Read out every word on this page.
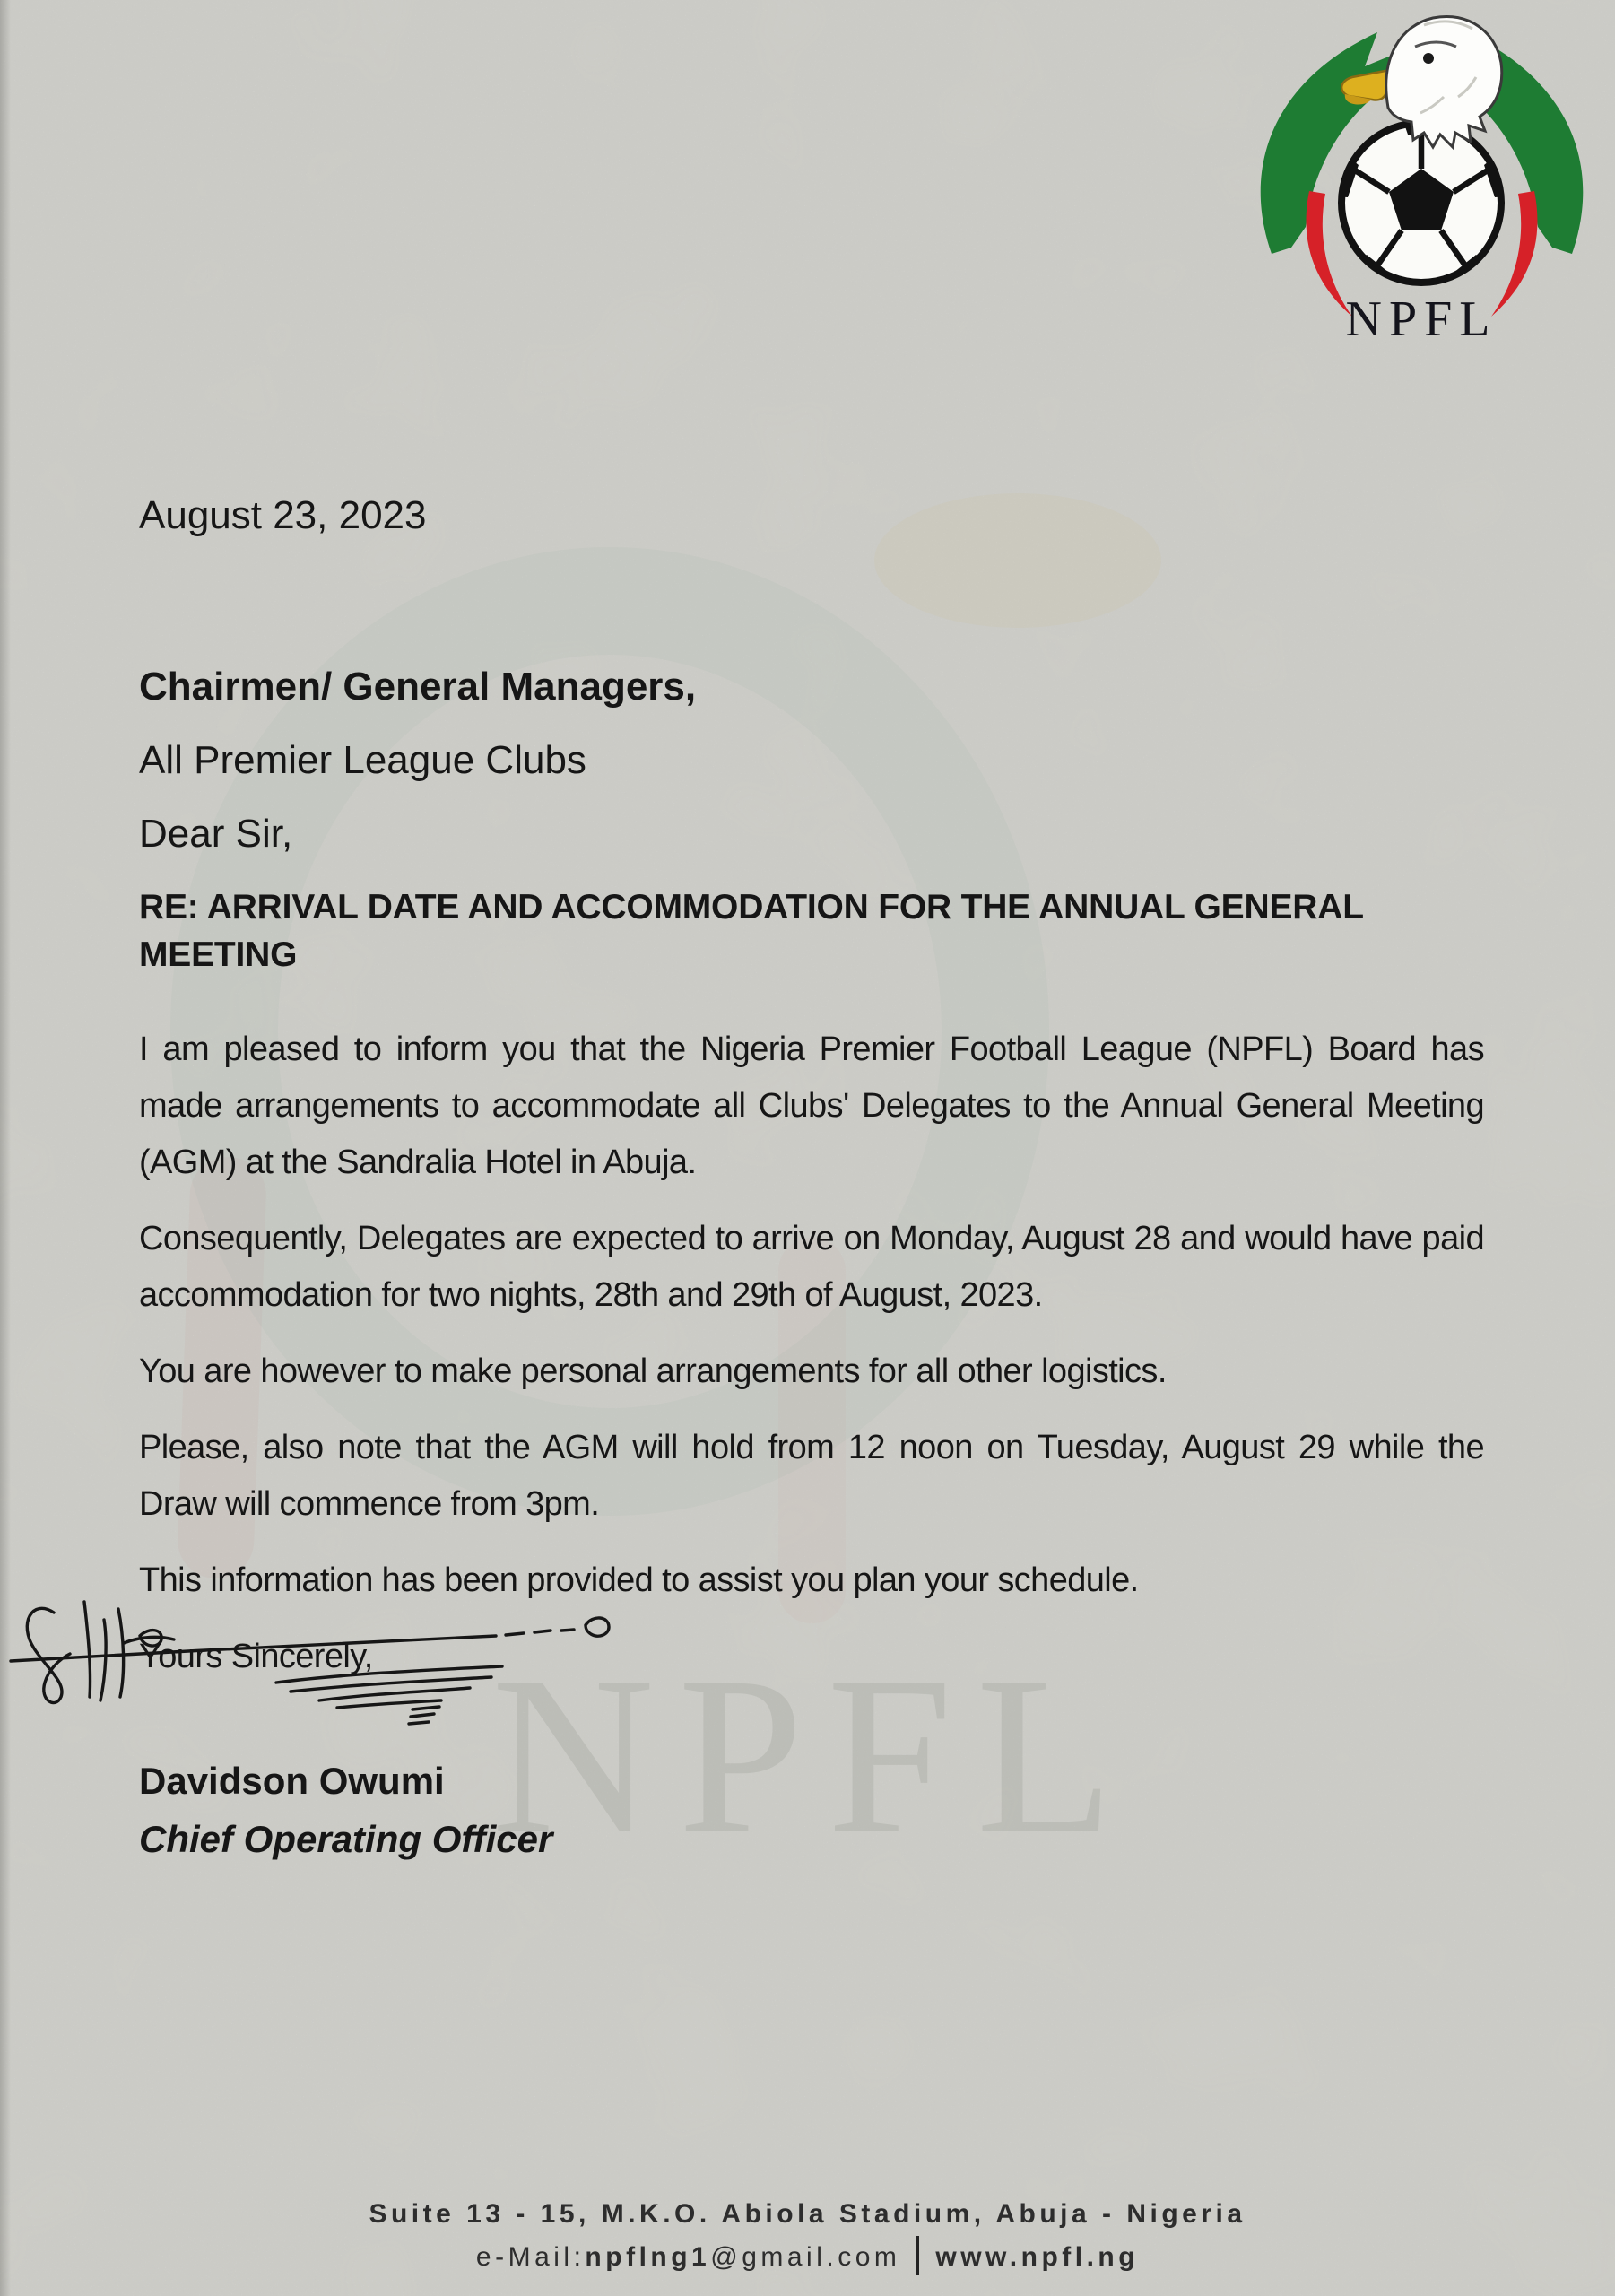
NPFL
NPFL

August 23, 2023

Chairmen/ General Managers,

All Premier League Clubs

Dear Sir,

RE: ARRIVAL DATE AND ACCOMMODATION FOR THE ANNUAL GENERAL MEETING

I am pleased to inform you that the Nigeria Premier Football League (NPFL) Board has made arrangements to accommodate all Clubs' Delegates to the Annual General Meeting (AGM) at the Sandralia Hotel in Abuja.

Consequently, Delegates are expected to arrive on Monday, August 28 and would have paid accommodation for two nights, 28th and 29th of August, 2023.

You are however to make personal arrangements for all other logistics.

Please, also note that the AGM will hold from 12 noon on Tuesday, August 29 while the Draw will commence from 3pm.

This information has been provided to assist you plan your schedule.

Yours Sincerely,

Davidson Owumi

Chief Operating Officer

Suite 13 - 15, M.K.O. Abiola Stadium, Abuja - Nigeria

e-Mail:npflng1@gmail.com www.npfl.ng
